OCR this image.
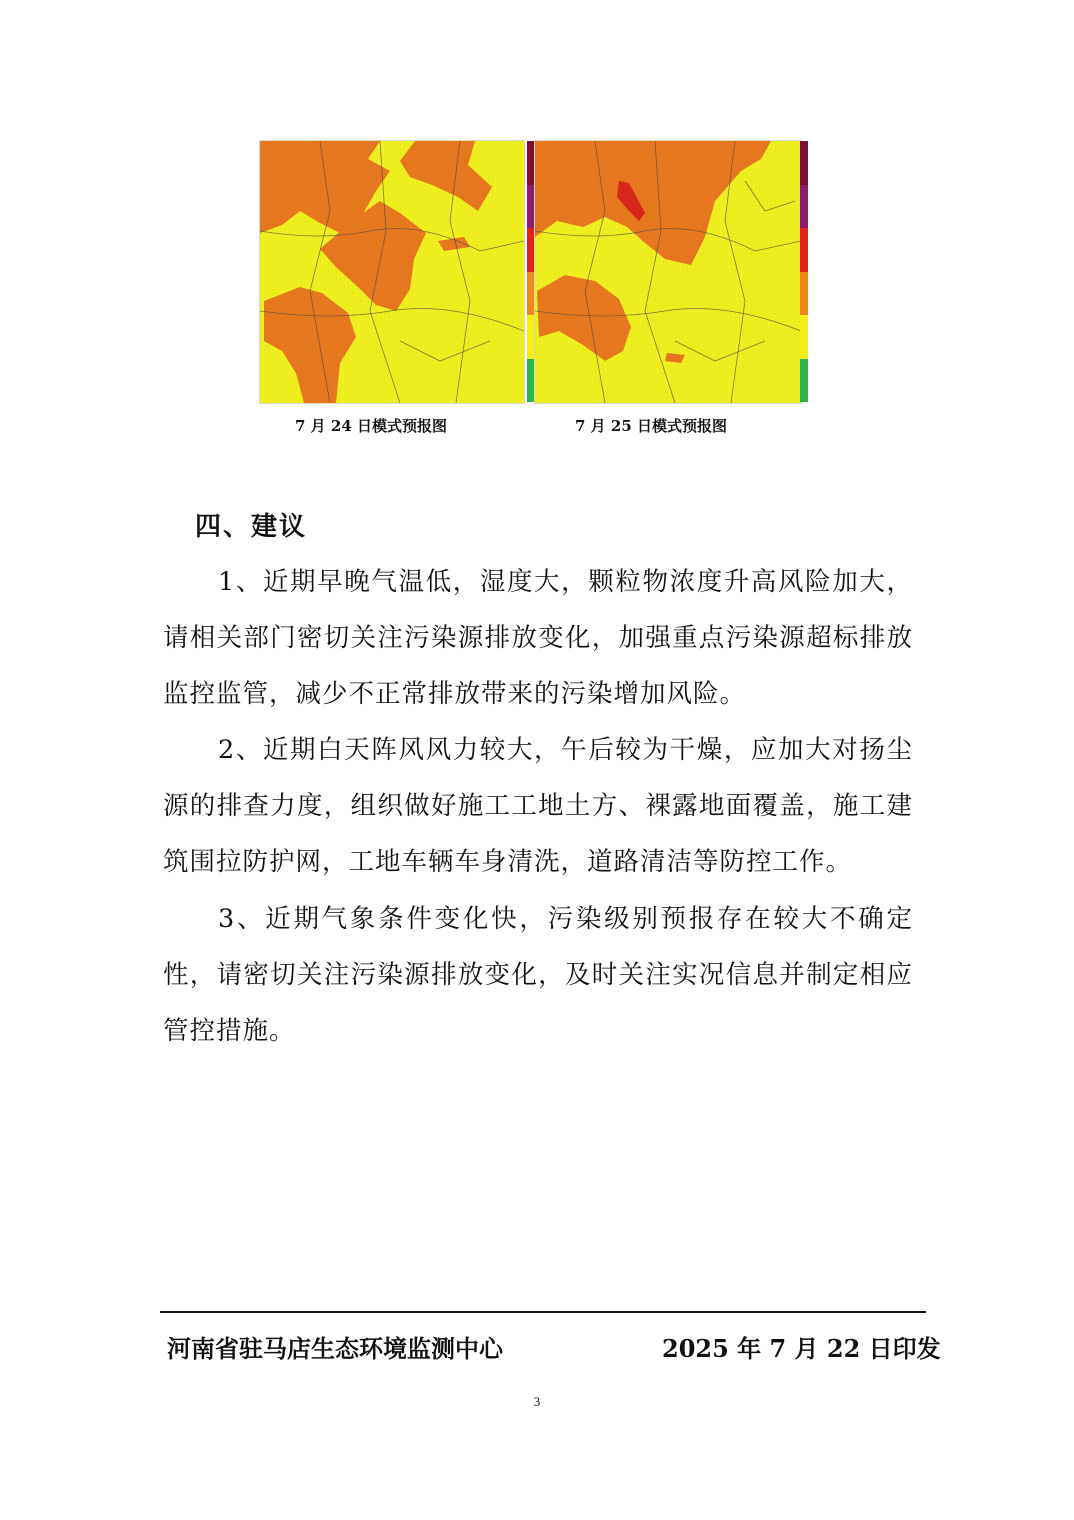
7 月 24 日模式预报图	7 月 25 日模式预报图
四、建议
1、近期早晚气温低，湿度大，颗粒物浓度升高风险加大，请相关部门密切关注污染源排放变化，加强重点污染源超标排放监控监管，减少不正常排放带来的污染增加风险。
2、近期白天阵风风力较大，午后较为干燥，应加大对扬尘源的排查力度，组织做好施工工地土方、裸露地面覆盖，施工建筑围拉防护网，工地车辆车身清洗，道路清洁等防控工作。
3、近期气象条件变化快，污染级别预报存在较大不确定性，请密切关注污染源排放变化，及时关注实况信息并制定相应管控措施。
河南省驻马店生态环境监测中心	2025 年 7 月 22 日印发
3
